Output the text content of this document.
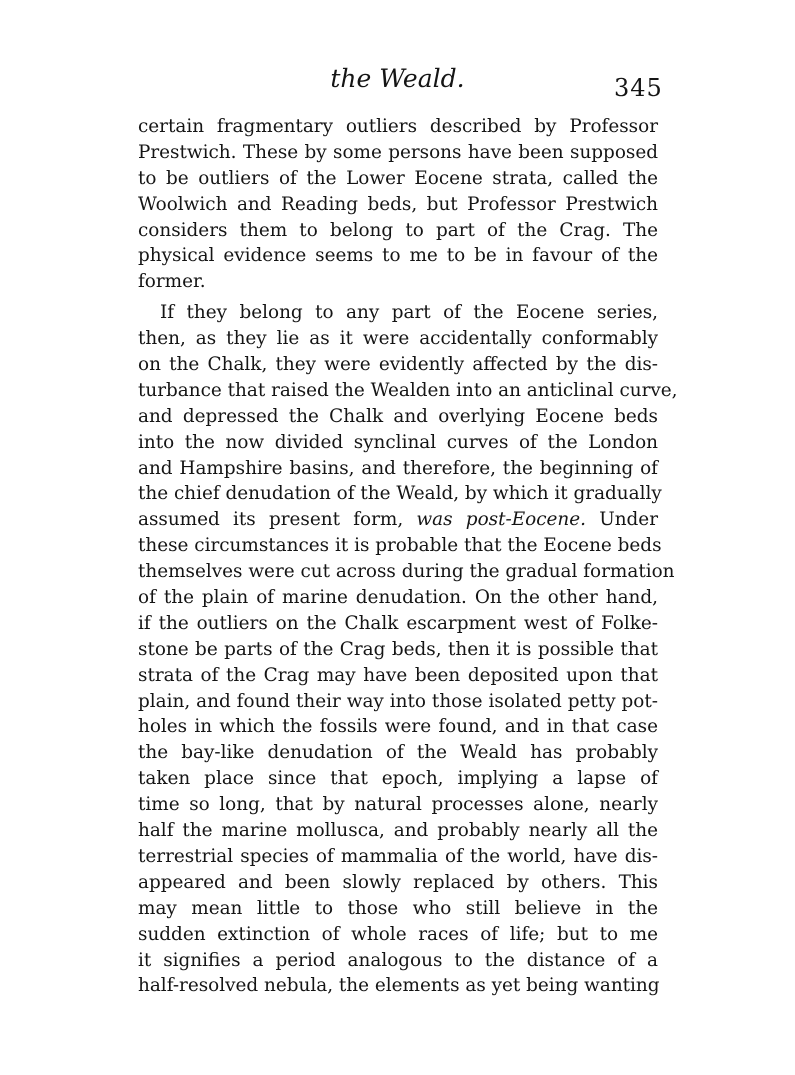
the Weald.	345
certain fragmentary outliers described by Professor
Prestwich. These by some persons have been supposed
to be outliers of the Lower Eocene strata, called the
Woolwich and Reading beds, but Professor Prestwich
considers them to belong to part of the Crag. The
physical evidence seems to me to be in favour of the
former.
If they belong to any part of the Eocene series,
then, as they lie as it were accidentally conformably
on the Chalk, they were evidently affected by the dis-
turbance that raised the Wealden into an anticlinal curve,
and depressed the Chalk and overlying Eocene beds
into the now divided synclinal curves of the London
and Hampshire basins, and therefore, the beginning of
the chief denudation of the Weald, by which it gradually
assumed its present form, was post-Eocene. Under
these circumstances it is probable that the Eocene beds
themselves were cut across during the gradual formation
of the plain of marine denudation. On the other hand,
if the outliers on the Chalk escarpment west of Folke-
stone be parts of the Crag beds, then it is possible that
strata of the Crag may have been deposited upon that
plain, and found their way into those isolated petty pot-
holes in which the fossils were found, and in that case
the bay-like denudation of the Weald has probably
taken place since that epoch, implying a lapse of
time so long, that by natural processes alone, nearly
half the marine mollusca, and probably nearly all the
terrestrial species of mammalia of the world, have dis-
appeared and been slowly replaced by others. This
may mean little to those who still believe in the
sudden extinction of whole races of life; but to me
it signifies a period analogous to the distance of a
half-resolved nebula, the elements as yet being wanting
